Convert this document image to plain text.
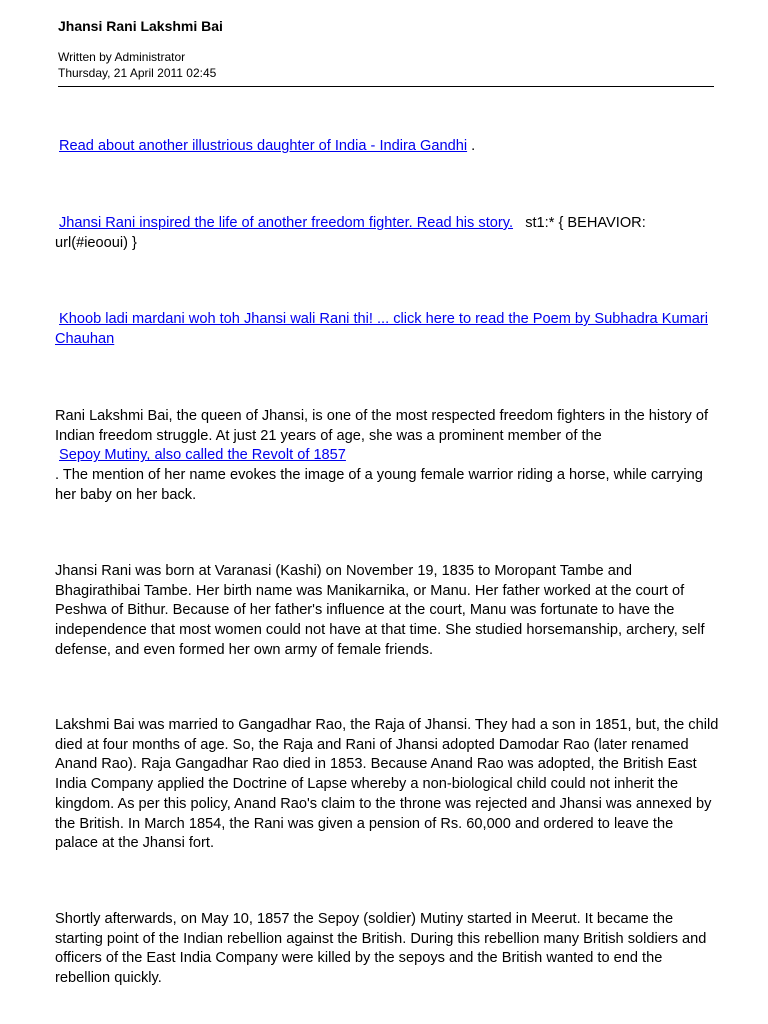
Jhansi Rani Lakshmi Bai
Written by Administrator
Thursday, 21 April 2011 02:45

Read about another illustrious daughter of India - Indira Gandhi .

Jhansi Rani inspired the life of another freedom fighter. Read his story. st1:* { BEHAVIOR: url(#ieooui) }

Khoob ladi mardani woh toh Jhansi wali Rani thi! ... click here to read the Poem by Subhadra Kumari Chauhan

Rani Lakshmi Bai, the queen of Jhansi, is one of the most respected freedom fighters in the history of Indian freedom struggle. At just 21 years of age, she was a prominent member of the
Sepoy Mutiny, also called the Revolt of 1857
. The mention of her name evokes the image of a young female warrior riding a horse, while carrying her baby on her back.

Jhansi Rani was born at Varanasi (Kashi) on November 19, 1835 to Moropant Tambe and Bhagirathibai Tambe. Her birth name was Manikarnika, or Manu. Her father worked at the court of Peshwa of Bithur. Because of her father's influence at the court, Manu was fortunate to have the independence that most women could not have at that time. She studied horsemanship, archery, self defense, and even formed her own army of female friends.

Lakshmi Bai was married to Gangadhar Rao, the Raja of Jhansi. They had a son in 1851, but, the child died at four months of age. So, the Raja and Rani of Jhansi adopted Damodar Rao (later renamed Anand Rao). Raja Gangadhar Rao died in 1853. Because Anand Rao was adopted, the British East India Company applied the Doctrine of Lapse whereby a non-biological child could not inherit the kingdom. As per this policy, Anand Rao's claim to the throne was rejected and Jhansi was annexed by the British. In March 1854, the Rani was given a pension of Rs. 60,000 and ordered to leave the palace at the Jhansi fort.

Shortly afterwards, on May 10, 1857 the Sepoy (soldier) Mutiny started in Meerut. It became the starting point of the Indian rebellion against the British. During this rebellion many British soldiers and officers of the East India Company were killed by the sepoys and the British wanted to end the rebellion quickly.
